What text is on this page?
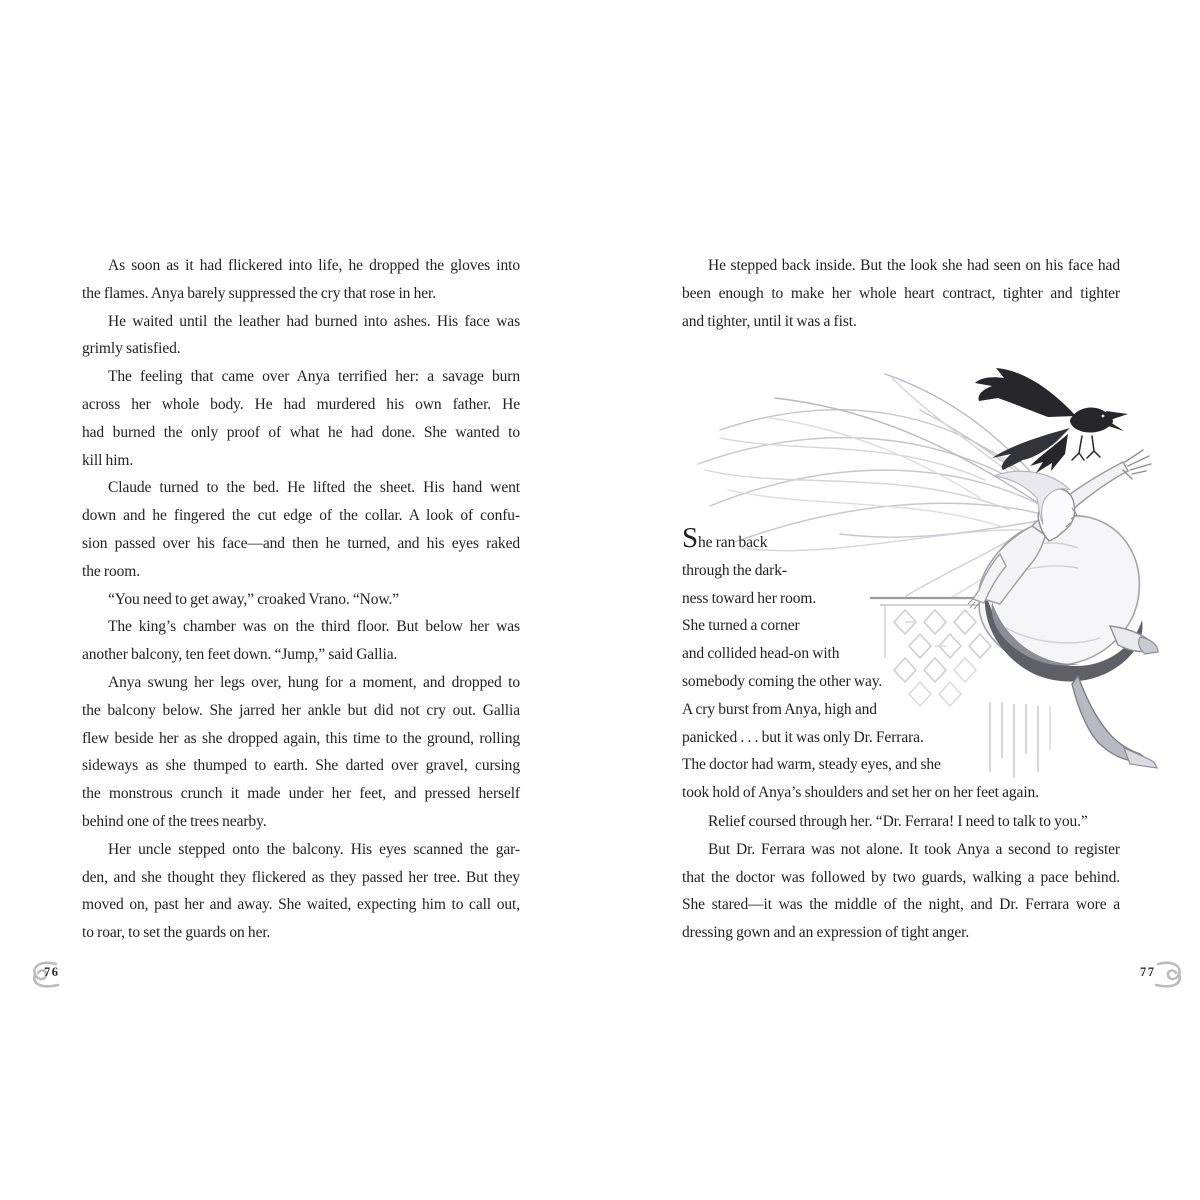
As soon as it had flickered into life, he dropped the gloves into
the flames. Anya barely suppressed the cry that rose in her.
He waited until the leather had burned into ashes. His face was
grimly satisfied.
The feeling that came over Anya terrified her: a savage burn
across her whole body. He had murdered his own father. He
had burned the only proof of what he had done. She wanted to
kill him.
Claude turned to the bed. He lifted the sheet. His hand went
down and he fingered the cut edge of the collar. A look of confu-
sion passed over his face—and then he turned, and his eyes raked
the room.
“You need to get away,” croaked Vrano. “Now.”
The king’s chamber was on the third floor. But below her was
another balcony, ten feet down. “Jump,” said Gallia.
Anya swung her legs over, hung for a moment, and dropped to
the balcony below. She jarred her ankle but did not cry out. Gallia
flew beside her as she dropped again, this time to the ground, rolling
sideways as she thumped to earth. She darted over gravel, cursing
the monstrous crunch it made under her feet, and pressed herself
behind one of the trees nearby.
Her uncle stepped onto the balcony. His eyes scanned the gar-
den, and she thought they flickered as they passed her tree. But they
moved on, past her and away. She waited, expecting him to call out,
to roar, to set the guards on her.
He stepped back inside. But the look she had seen on his face had
been enough to make her whole heart contract, tighter and tighter
and tighter, until it was a fist.
She ran back
through the dark-
ness toward her room.
She turned a corner
and collided head-on with
somebody coming the other way.
A cry burst from Anya, high and
panicked . . . but it was only Dr. Ferrara.
The doctor had warm, steady eyes, and she
took hold of Anya’s shoulders and set her on her feet again.
Relief coursed through her. “Dr. Ferrara! I need to talk to you.”
But Dr. Ferrara was not alone. It took Anya a second to register
that the doctor was followed by two guards, walking a pace behind.
She stared—it was the middle of the night, and Dr. Ferrara wore a
dressing gown and an expression of tight anger.
76	77
